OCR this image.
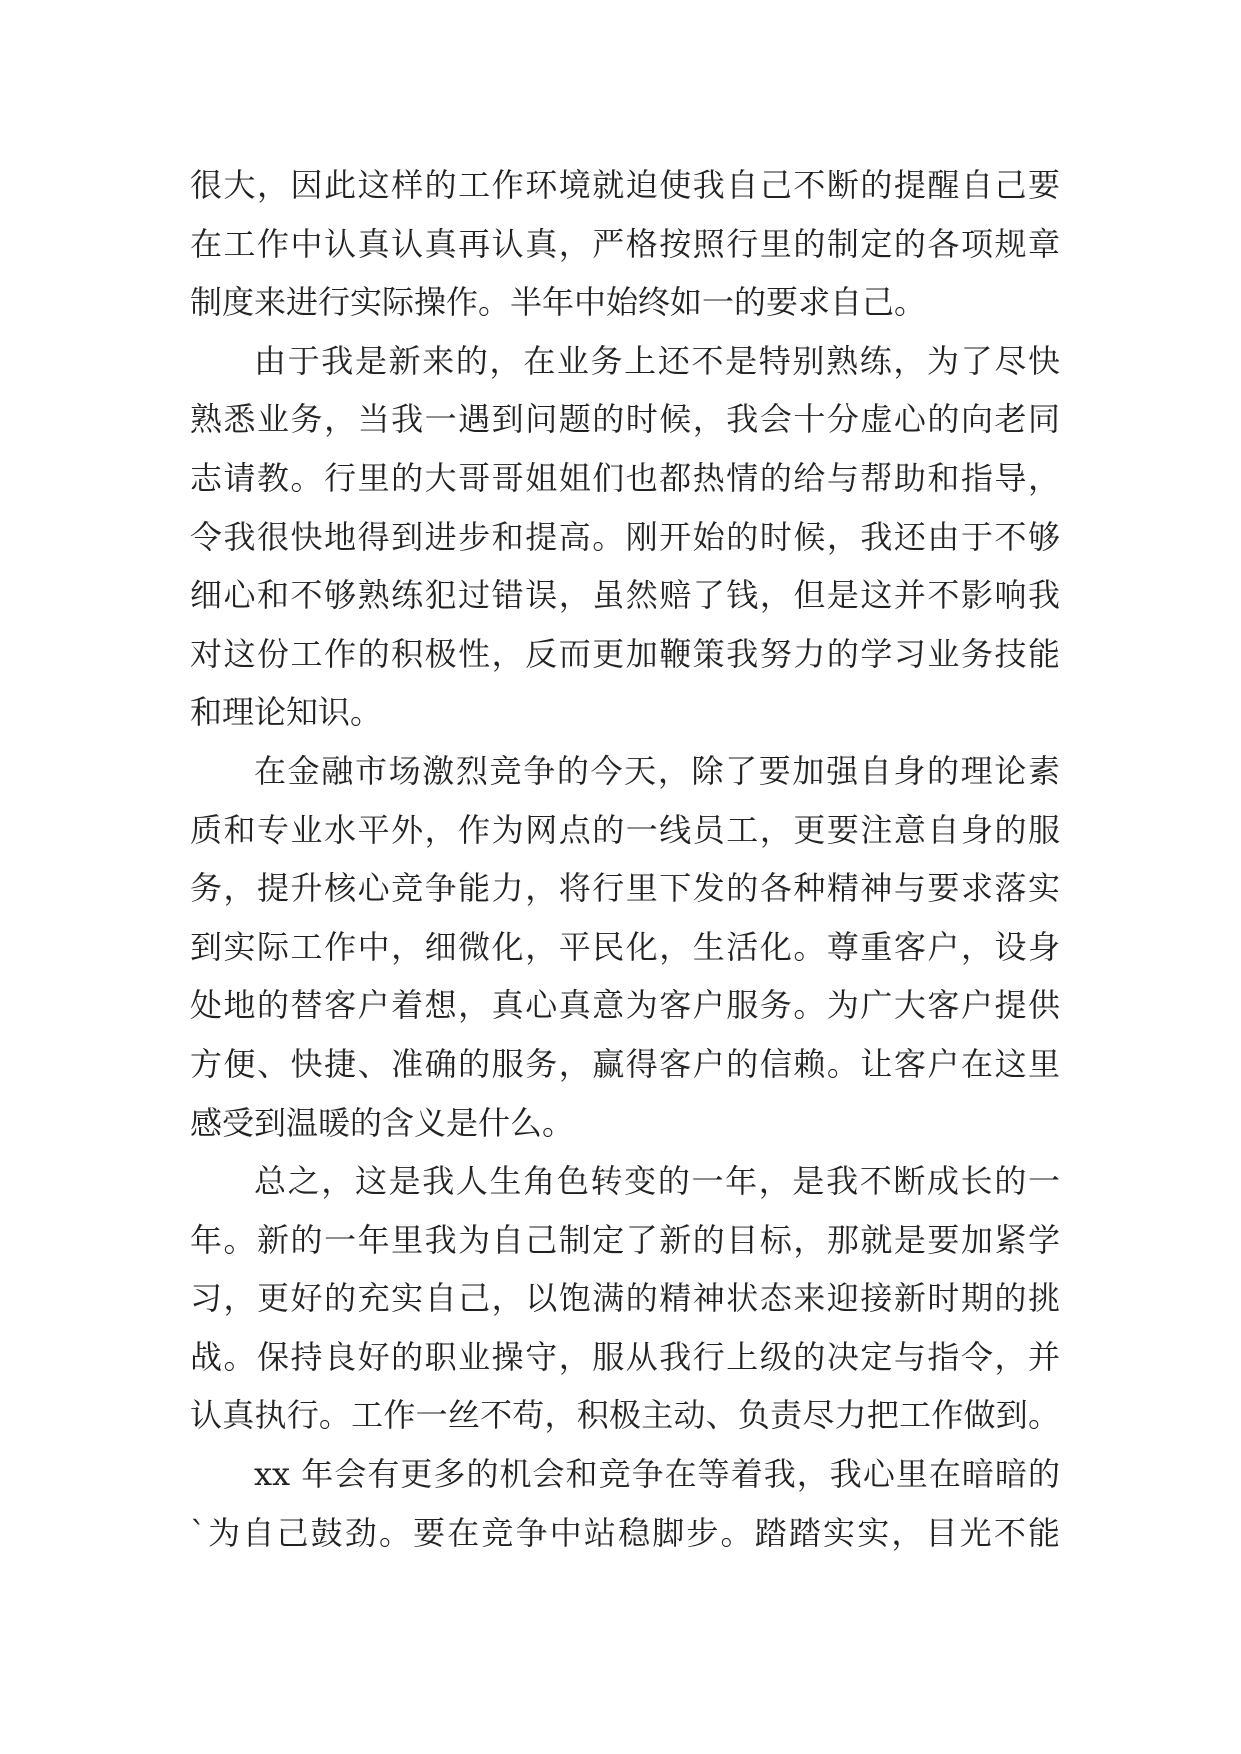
很大，因此这样的工作环境就迫使我自己不断的提醒自己要
在工作中认真认真再认真，严格按照行里的制定的各项规章
制度来进行实际操作。半年中始终如一的要求自己。
由于我是新来的，在业务上还不是特别熟练，为了尽快
熟悉业务，当我一遇到问题的时候，我会十分虚心的向老同
志请教。行里的大哥哥姐姐们也都热情的给与帮助和指导，
令我很快地得到进步和提高。刚开始的时候，我还由于不够
细心和不够熟练犯过错误，虽然赔了钱，但是这并不影响我
对这份工作的积极性，反而更加鞭策我努力的学习业务技能
和理论知识。
在金融市场激烈竞争的今天，除了要加强自身的理论素
质和专业水平外，作为网点的一线员工，更要注意自身的服
务，提升核心竞争能力，将行里下发的各种精神与要求落实
到实际工作中，细微化，平民化，生活化。尊重客户，设身
处地的替客户着想，真心真意为客户服务。为广大客户提供
方便、快捷、准确的服务，赢得客户的信赖。让客户在这里
感受到温暖的含义是什么。
总之，这是我人生角色转变的一年，是我不断成长的一
年。新的一年里我为自己制定了新的目标，那就是要加紧学
习，更好的充实自己，以饱满的精神状态来迎接新时期的挑
战。保持良好的职业操守，服从我行上级的决定与指令，并
认真执行。工作一丝不苟，积极主动、负责尽力把工作做到。
xx 年会有更多的机会和竞争在等着我，我心里在暗暗的
`为自己鼓劲。要在竞争中站稳脚步。踏踏实实，目光不能
